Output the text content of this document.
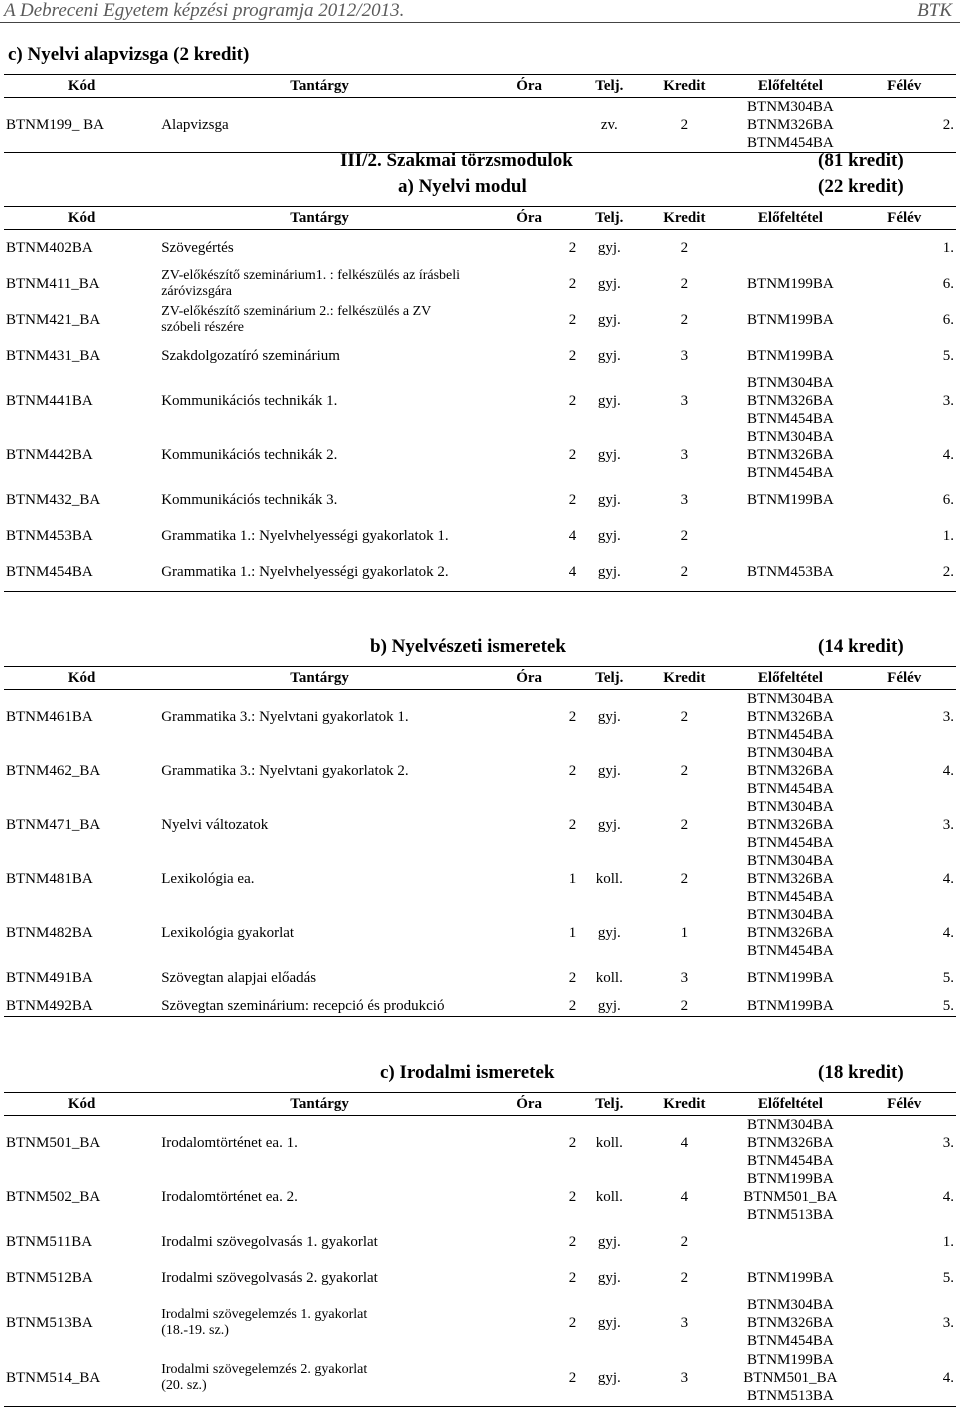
A Debreceni Egyetem képzési programja 2012/2013.	BTK
c) Nyelvi alapvizsga (2 kredit)
Kód	Tantárgy	Óra	Telj.	Kredit	Előfeltétel	Félév
BTNM199_ BA	Alapvizsga		zv.	2	BTNM304BA
BTNM326BA
BTNM454BA	2.
III/2. Szakmai törzsmodulok	(81 kredit)
a) Nyelvi modul	(22 kredit)
Kód	Tantárgy	Óra	Telj.	Kredit	Előfeltétel	Félév
BTNM402BA	Szövegértés	2	gyj.	2		1.
BTNM411_BA	ZV-előkészítő szeminárium1. : felkészülés az írásbeli
záróvizsgára	2	gyj.	2	BTNM199BA	6.
BTNM421_BA	ZV-előkészítő szeminárium 2.: felkészülés a ZV
szóbeli részére	2	gyj.	2	BTNM199BA	6.
BTNM431_BA	Szakdolgozatíró szeminárium	2	gyj.	3	BTNM199BA	5.
BTNM441BA	Kommunikációs technikák 1.	2	gyj.	3	BTNM304BA
BTNM326BA
BTNM454BA	3.
BTNM442BA	Kommunikációs technikák 2.	2	gyj.	3	BTNM304BA
BTNM326BA
BTNM454BA	4.
BTNM432_BA	Kommunikációs technikák 3.	2	gyj.	3	BTNM199BA	6.
BTNM453BA	Grammatika 1.: Nyelvhelyességi gyakorlatok 1.	4	gyj.	2		1.
BTNM454BA	Grammatika 1.: Nyelvhelyességi gyakorlatok 2.	4	gyj.	2	BTNM453BA	2.
b) Nyelvészeti ismeretek	(14 kredit)
Kód	Tantárgy	Óra	Telj.	Kredit	Előfeltétel	Félév
BTNM461BA	Grammatika 3.: Nyelvtani gyakorlatok 1.	2	gyj.	2	BTNM304BA
BTNM326BA
BTNM454BA	3.
BTNM462_BA	Grammatika 3.: Nyelvtani gyakorlatok 2.	2	gyj.	2	BTNM304BA
BTNM326BA
BTNM454BA	4.
BTNM471_BA	Nyelvi változatok	2	gyj.	2	BTNM304BA
BTNM326BA
BTNM454BA	3.
BTNM481BA	Lexikológia ea.	1	koll.	2	BTNM304BA
BTNM326BA
BTNM454BA	4.
BTNM482BA	Lexikológia gyakorlat	1	gyj.	1	BTNM304BA
BTNM326BA
BTNM454BA	4.
BTNM491BA	Szövegtan alapjai előadás	2	koll.	3	BTNM199BA	5.
BTNM492BA	Szövegtan szeminárium: recepció és produkció	2	gyj.	2	BTNM199BA	5.
c) Irodalmi ismeretek	(18 kredit)
Kód	Tantárgy	Óra	Telj.	Kredit	Előfeltétel	Félév
BTNM501_BA	Irodalomtörténet ea. 1.	2	koll.	4	BTNM304BA
BTNM326BA
BTNM454BA	3.
BTNM502_BA	Irodalomtörténet ea. 2.	2	koll.	4	BTNM199BA
BTNM501_BA
BTNM513BA	4.
BTNM511BA	Irodalmi szövegolvasás 1. gyakorlat	2	gyj.	2		1.
BTNM512BA	Irodalmi szövegolvasás 2. gyakorlat	2	gyj.	2	BTNM199BA	5.
BTNM513BA	Irodalmi szövegelemzés 1. gyakorlat
(18.-19. sz.)	2	gyj.	3	BTNM304BA
BTNM326BA
BTNM454BA	3.
BTNM514_BA	Irodalmi szövegelemzés 2. gyakorlat
(20. sz.)	2	gyj.	3	BTNM199BA
BTNM501_BA
BTNM513BA	4.
